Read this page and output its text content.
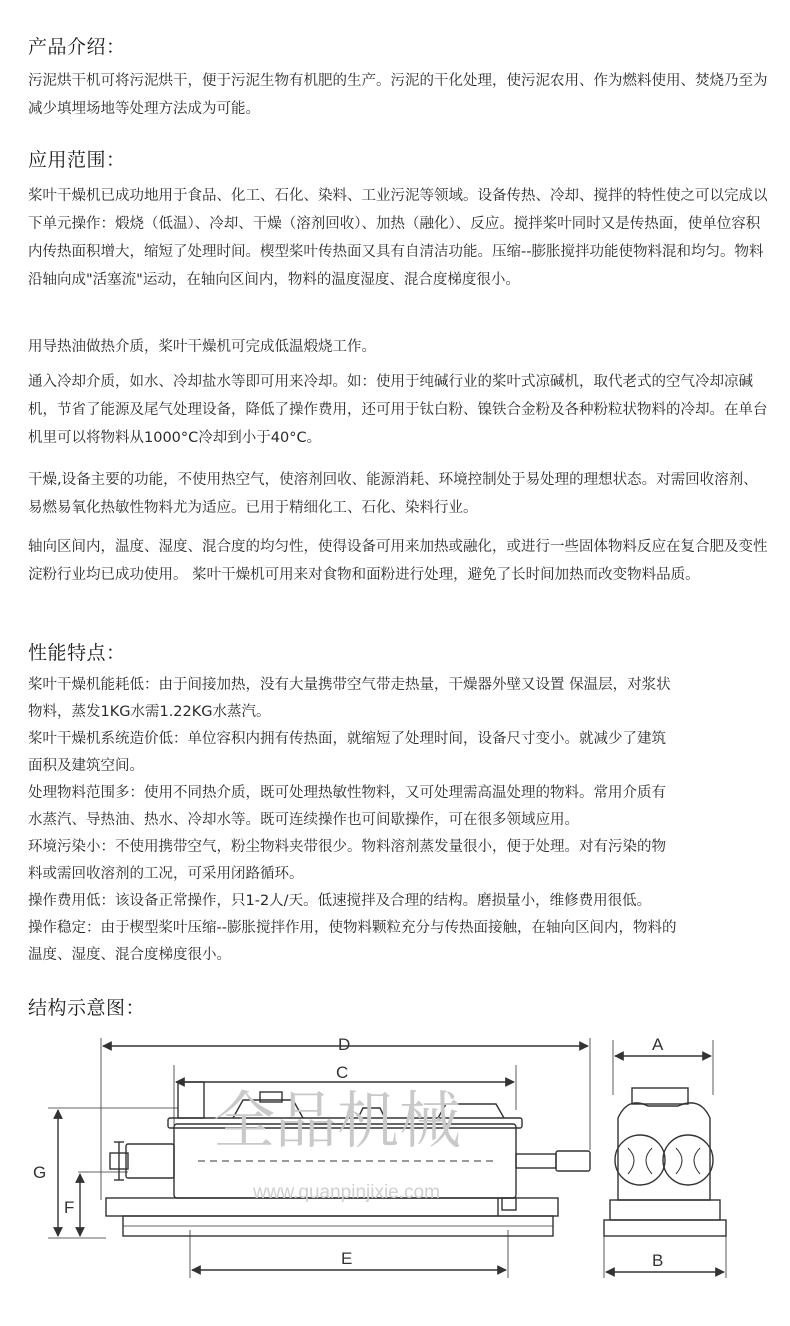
产品介绍：

污泥烘干机可将污泥烘干，便于污泥生物有机肥的生产。污泥的干化处理，使污泥农用、作为燃料使用、焚烧乃至为减少填埋场地等处理方法成为可能。

应用范围：

桨叶干燥机已成功地用于食品、化工、石化、染料、工业污泥等领域。设备传热、冷却、搅拌的特性使之可以完成以下单元操作：煅烧（低温）、冷却、干燥（溶剂回收）、加热（融化）、反应。搅拌桨叶同时又是传热面，使单位容积内传热面积增大，缩短了处理时间。楔型桨叶传热面又具有自清洁功能。压缩--膨胀搅拌功能使物料混和均匀。物料沿轴向成"活塞流"运动，在轴向区间内，物料的温度湿度、混合度梯度很小。

用导热油做热介质，桨叶干燥机可完成低温煅烧工作。

通入冷却介质，如水、冷却盐水等即可用来冷却。如：使用于纯碱行业的桨叶式凉碱机，取代老式的空气冷却凉碱机，节省了能源及尾气处理设备，降低了操作费用，还可用于钛白粉、镍铁合金粉及各种粉粒状物料的冷却。在单台机里可以将物料从1000°C冷却到小于40°C。

干燥,设备主要的功能，不使用热空气，使溶剂回收、能源消耗、环境控制处于易处理的理想状态。对需回收溶剂、易燃易氧化热敏性物料尤为适应。已用于精细化工、石化、染料行业。

轴向区间内，温度、湿度、混合度的均匀性，使得设备可用来加热或融化，或进行一些固体物料反应在复合肥及变性淀粉行业均已成功使用。 桨叶干燥机可用来对食物和面粉进行处理，避免了长时间加热而改变物料品质。

性能特点：
桨叶干燥机能耗低：由于间接加热，没有大量携带空气带走热量，干燥器外壁又设置 保温层，对浆状
物料，蒸发1KG水需1.22KG水蒸汽。
桨叶干燥机系统造价低：单位容积内拥有传热面，就缩短了处理时间，设备尺寸变小。就减少了建筑
面积及建筑空间。
处理物料范围多：使用不同热介质，既可处理热敏性物料，又可处理需高温处理的物料。常用介质有
水蒸汽、导热油、热水、冷却水等。既可连续操作也可间歇操作，可在很多领域应用。
环境污染小：不使用携带空气，粉尘物料夹带很少。物料溶剂蒸发量很小，便于处理。对有污染的物
料或需回收溶剂的工况，可采用闭路循环。
操作费用低：该设备正常操作，只1-2人/天。低速搅拌及合理的结构。磨损量小，维修费用很低。
操作稳定：由于楔型桨叶压缩--膨胀搅拌作用，使物料颗粒充分与传热面接触，在轴向区间内，物料的
温度、湿度、混合度梯度很小。
结构示意图：
全品机械
www.quanpinjixie.com
D
C
G
F
E
A
B
